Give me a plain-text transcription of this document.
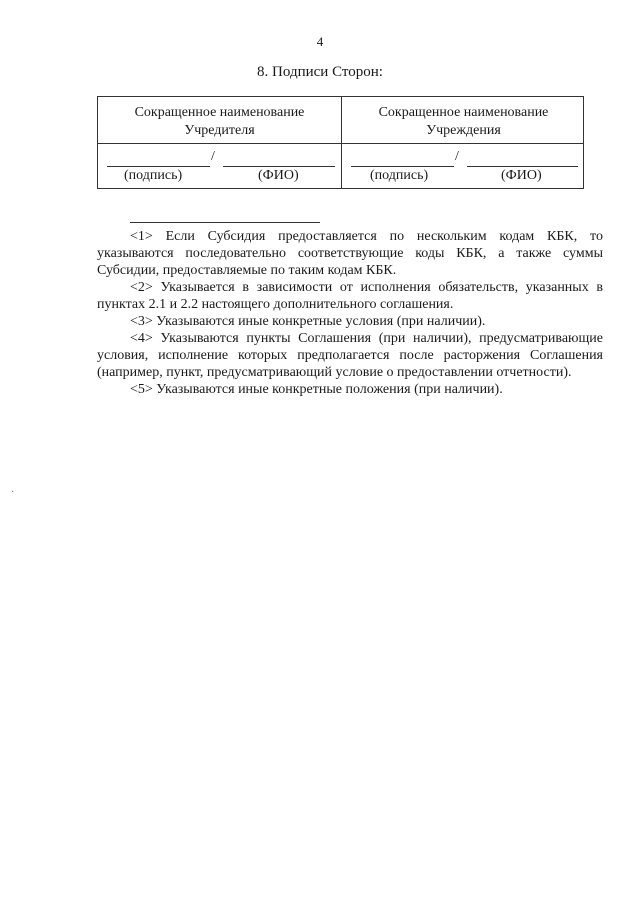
4
8. Подписи Сторон:
Сокращенное наименование
Учредителя
Сокращенное наименование
Учреждения
/
(подпись)	(ФИО)
/
(подпись)	(ФИО)

<1> Если Субсидия предоставляется по нескольким кодам КБК, то указываются последовательно соответствующие коды КБК, а также суммы Субсидии, предоставляемые по таким кодам КБК.

<2> Указывается в зависимости от исполнения обязательств, указанных в пунктах 2.1 и 2.2 настоящего дополнительного соглашения.

<3> Указываются иные конкретные условия (при наличии).

<4> Указываются пункты Соглашения (при наличии), предусматривающие условия, исполнение которых предполагается после расторжения Соглашения (например, пункт, предусматривающий условие о предоставлении отчетности).

<5> Указываются иные конкретные положения (при наличии).

·
